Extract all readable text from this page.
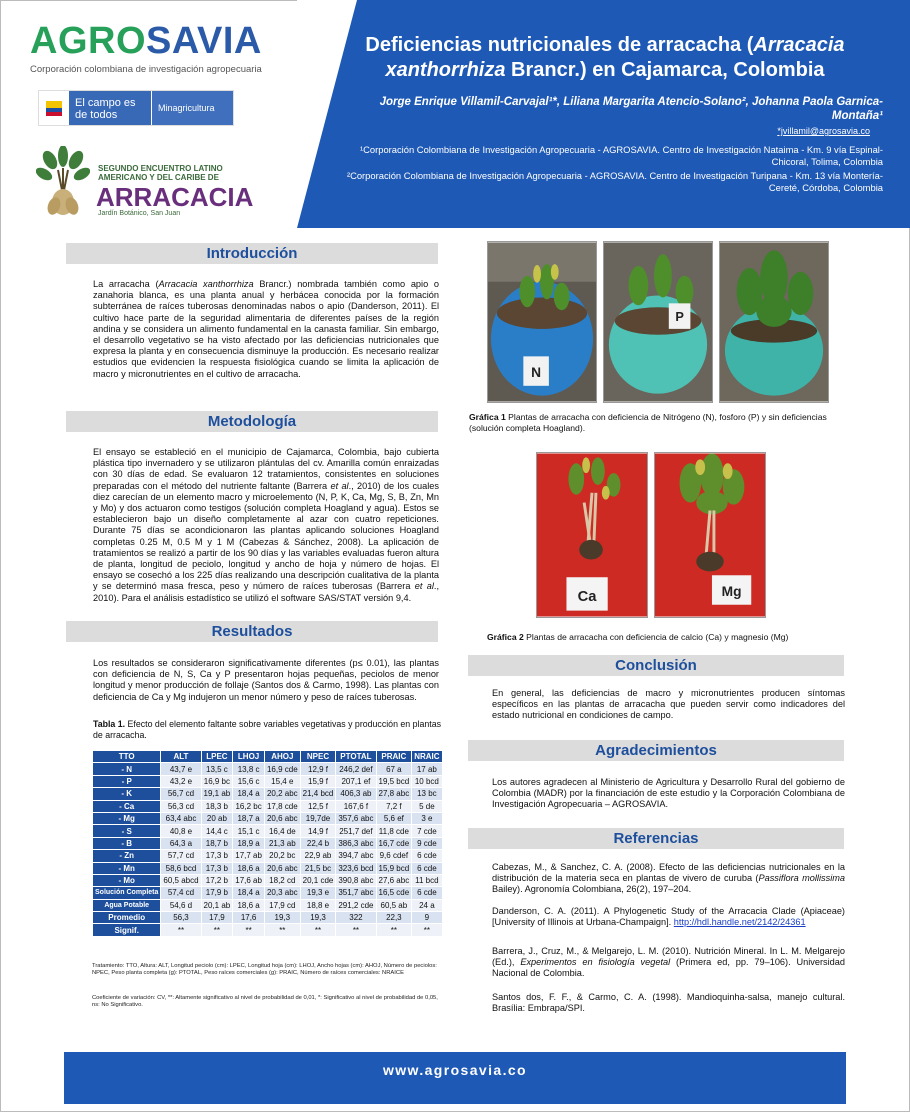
AGROSAVIA
Corporación colombiana de investigación agropecuaria
El campo es de todos
Minagricultura
SEGUNDO ENCUENTRO LATINO AMERICANO Y DEL CARIBE DE
ARRACACIA
Jardín Botánico, San Juan
Deficiencias nutricionales de arracacha (Arracacia xanthorrhiza Brancr.) en Cajamarca, Colombia
Jorge Enrique Villamil-Carvajal¹*, Liliana Margarita Atencio-Solano², Johanna Paola Garnica-Montaña¹
*jvillamil@agrosavia.co
¹Corporación Colombiana de Investigación Agropecuaria - AGROSAVIA. Centro de Investigación Nataima - Km. 9 vía Espinal-Chicoral, Tolima, Colombia
²Corporación Colombiana de Investigación Agropecuaria - AGROSAVIA. Centro de Investigación Turipana - Km. 13 vía Montería-Cereté, Córdoba, Colombia
Introducción
La arracacha (Arracacia xanthorrhiza Brancr.) nombrada también como apio o zanahoria blanca, es una planta anual y herbácea conocida por la formación subterránea de raíces tuberosas denominadas nabos o apio (Danderson, 2011). El cultivo hace parte de la seguridad alimentaria de diferentes países de la región andina y se considera un alimento fundamental en la canasta familiar. Sin embargo, el desarrollo vegetativo se ha visto afectado por las deficiencias nutricionales que expresa la planta y en consecuencia disminuye la producción. Es necesario realizar estudios que evidencien la respuesta fisiológica cuando se limita la aplicación de macro y micronutrientes en el cultivo de arracacha.
Metodología
El ensayo se estableció en el municipio de Cajamarca, Colombia, bajo cubierta plástica tipo invernadero y se utilizaron plántulas del cv. Amarilla común enraizadas con 30 días de edad. Se evaluaron 12 tratamientos, consistentes en soluciones preparadas con el método del nutriente faltante (Barrera et al., 2010) de los cuales diez carecían de un elemento macro y microelemento (N, P, K, Ca, Mg, S, B, Zn, Mn y Mo) y dos actuaron como testigos (solución completa Hoagland y agua). Estos se establecieron bajo un diseño completamente al azar con cuatro repeticiones. Durante 75 días se acondicionaron las plantas aplicando soluciones Hoagland completas 0.25 M, 0.5 M y 1 M (Cabezas & Sánchez, 2008). La aplicación de tratamientos se realizó a partir de los 90 días y las variables evaluadas fueron altura de planta, longitud de peciolo, longitud y ancho de hoja y número de hojas. El ensayo se cosechó a los 225 días realizando una descripción cualitativa de la planta y se determinó masa fresca, peso y número de raíces tuberosas (Barrera et al., 2010). Para el análisis estadístico se utilizó el software SAS/STAT versión 9,4.
Resultados
Los resultados se consideraron significativamente diferentes (p≤ 0.01), las plantas con deficiencia de N, S, Ca y P presentaron hojas pequeñas, peciolos de menor longitud y menor producción de follaje (Santos dos & Carmo, 1998). Las plantas con deficiencia de Ca y Mg indujeron un menor número y peso de raíces tuberosas.
Tabla 1. Efecto del elemento faltante sobre variables vegetativas y producción en plantas de arracacha.
TTO	ALT	LPEC	LHOJ	AHOJ	NPEC	PTOTAL	PRAIC	NRAIC
- N	43,7 e	13,5 c	13,8 c	16,9 cde	12,9 f	246,2 def	67 a	17 ab
- P	43,2 e	16,9 bc	15,6 c	15,4 e	15,9 f	207,1 ef	19,5 bcd	10 bcd
- K	56,7 cd	19,1 ab	18,4 a	20,2 abc	21,4 bcd	406,3 ab	27,8 abc	13 bc
- Ca	56,3 cd	18,3 b	16,2 bc	17,8 cde	12,5 f	167,6 f	7,2 f	5 de
- Mg	63,4 abc	20 ab	18,7 a	20,6 abc	19,7de	357,6 abc	5,6 ef	3 e
- S	40,8 e	14,4 c	15,1 c	16,4 de	14,9 f	251,7 def	11,8 cde	7 cde
- B	64,3 a	18,7 b	18,9 a	21,3 ab	22,4 b	386,3 abc	16,7 cde	9 cde
- Zn	57,7 cd	17,3 b	17,7 ab	20,2 bc	22,9 ab	394,7 abc	9,6 cdef	6 cde
- Mn	58,6 bcd	17,3 b	18,6 a	20,6 abc	21,5 bc	323,6 bcd	15,9 bcd	6 cde
- Mo	60,5 abcd	17,2 b	17,6 ab	18,2 cd	20,1 cde	390,8 abc	27,6 abc	11 bcd
Solución Completa	57,4 cd	17,9 b	18,4 a	20,3 abc	19,3 e	351,7 abc	16,5 cde	6 cde
Agua Potable	54,6 d	20,1 ab	18,6 a	17,9 cd	18,8 e	291,2 cde	60,5 ab	24 a
Promedio	56,3	17,9	17,6	19,3	19,3	322	22,3	9
Signif.	**	**	**	**	**	**	**	**
Tratamiento: TTO, Altura: ALT, Longitud peciolo (cm): LPEC, Longitud hoja (cm): LHOJ, Ancho hojas (cm): AHOJ, Número de peciolos: NPEC, Peso planta completa (g): PTOTAL, Peso raíces comerciales (g): PRAIC, Número de raíces comerciales: NRAICE
Coeficiente de variación: CV, **: Altamente significativo al nivel de probabilidad de 0,01, *: Significativo al nivel de probabilidad de 0,05, ns: No Significativo.
N
P
Gráfica 1 Plantas de arracacha con deficiencia de Nitrógeno (N), fosforo (P) y sin deficiencias (solución completa Hoagland).
Ca	Mg
Gráfica 2 Plantas de arracacha con deficiencia de calcio (Ca) y magnesio (Mg)
Conclusión
En general, las deficiencias de macro y micronutrientes producen síntomas específicos en las plantas de arracacha que pueden servir como indicadores del estado nutricional en condiciones de campo.
Agradecimientos
Los autores agradecen al Ministerio de Agricultura y Desarrollo Rural del gobierno de Colombia (MADR) por la financiación de este estudio y la Corporación Colombiana de Investigación Agropecuaria – AGROSAVIA.
Referencias
Cabezas, M., & Sanchez, C. A. (2008). Efecto de las deficiencias nutricionales en la distribución de la materia seca en plantas de vivero de curuba (Passiflora mollissima Bailey). Agronomía Colombiana, 26(2), 197–204.
Danderson, C. A. (2011). A Phylogenetic Study of the Arracacia Clade (Apiaceae) [University of Illinois at Urbana-Champaign]. http://hdl.handle.net/2142/24361
Barrera, J., Cruz, M., & Melgarejo, L. M. (2010). Nutrición Mineral. In L. M. Melgarejo (Ed.), Experimentos en fisiología vegetal (Primera ed, pp. 79–106). Universidad Nacional de Colombia.
Santos dos, F. F., & Carmo, C. A. (1998). Mandioquinha-salsa, manejo cultural. Brasília: Embrapa/SPI.
www.agrosavia.co
